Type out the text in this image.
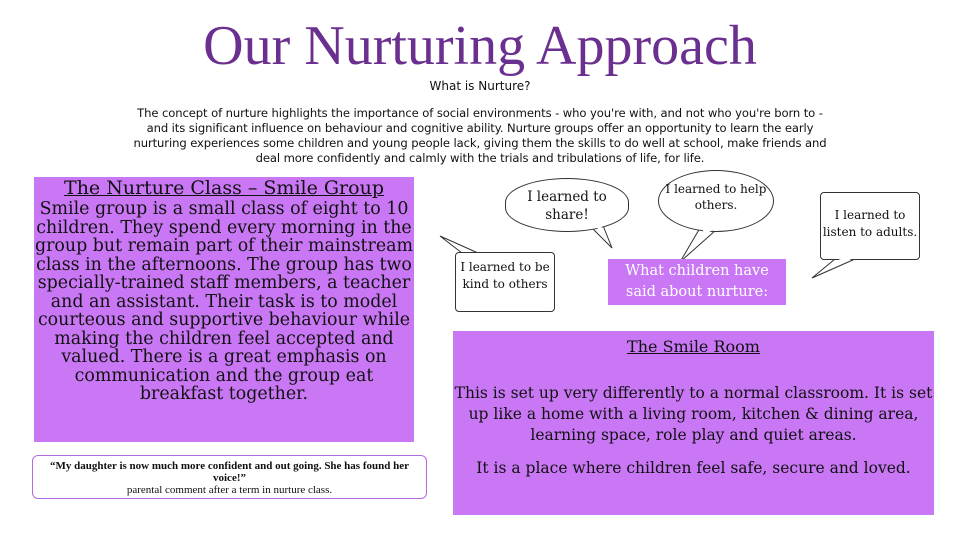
Our Nurturing Approach
What is Nurture?
The concept of nurture highlights the importance of social environments - who you're with, and not who you're born to - and its significant influence on behaviour and cognitive ability. Nurture groups offer an opportunity to learn the early nurturing experiences some children and young people lack, giving them the skills to do well at school, make friends and deal more confidently and calmly with the trials and tribulations of life, for life.
The Nurture Class – Smile Group

Smile group is a small class of eight to 10 children. They spend every morning in the group but remain part of their mainstream class in the afternoons. The group has two specially-trained staff members, a teacher and an assistant. Their task is to model courteous and supportive behaviour while making the children feel accepted and valued. There is a great emphasis on communication and the group eat breakfast together.

“My daughter is now much more confident and out going. She has found her voice!”
parental comment after a term in nurture class.
I learned to share!
I learned to help others.
I learned to be kind to others
I learned to listen to adults.
What children have said about nurture:
The Smile Room

This is set up very differently to a normal classroom. It is set up like a home with a living room, kitchen & dining area, learning space, role play and quiet areas.

It is a place where children feel safe, secure and loved.
